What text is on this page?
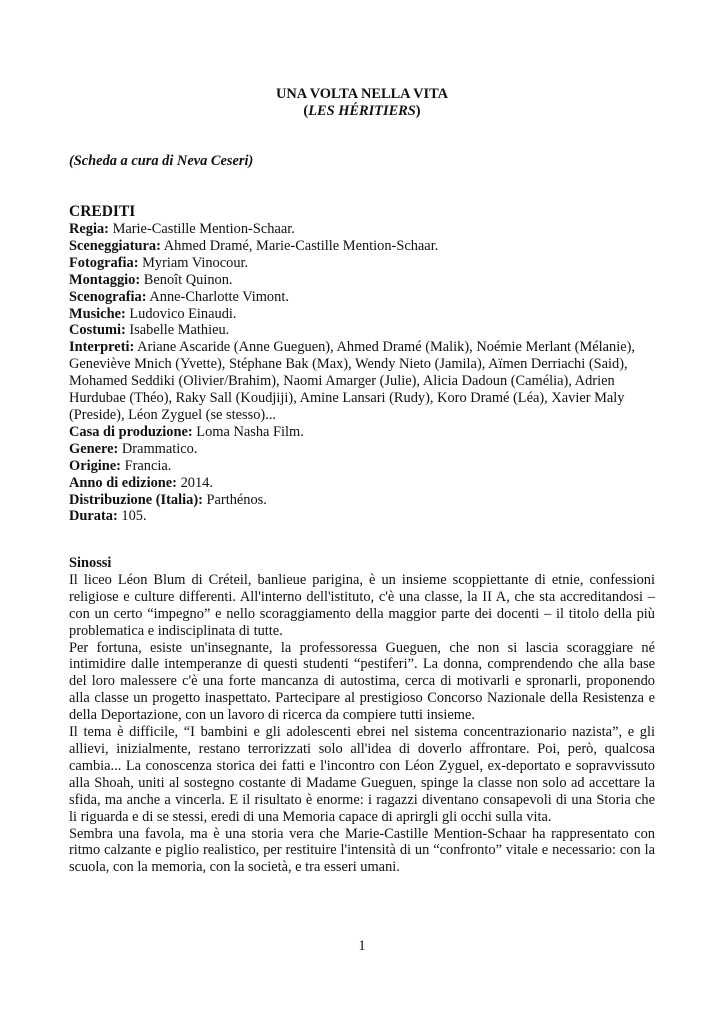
UNA VOLTA NELLA VITA
(LES HÉRITIERS)
(Scheda a cura di Neva Ceseri)
CREDITI
Regia: Marie-Castille Mention-Schaar.
Sceneggiatura: Ahmed Dramé, Marie-Castille Mention-Schaar.
Fotografia: Myriam Vinocour.
Montaggio: Benoît Quinon.
Scenografia: Anne-Charlotte Vimont.
Musiche: Ludovico Einaudi.
Costumi: Isabelle Mathieu.
Interpreti: Ariane Ascaride (Anne Gueguen), Ahmed Dramé (Malik), Noémie Merlant (Mélanie), Geneviève Mnich (Yvette), Stéphane Bak (Max), Wendy Nieto (Jamila), Aïmen Derriachi (Said), Mohamed Seddiki (Olivier/Brahim), Naomi Amarger (Julie), Alicia Dadoun (Camélia), Adrien Hurdubae (Théo), Raky Sall (Koudjiji), Amine Lansari (Rudy), Koro Dramé (Léa), Xavier Maly (Preside), Léon Zyguel (se stesso)...
Casa di produzione: Loma Nasha Film.
Genere: Drammatico.
Origine: Francia.
Anno di edizione: 2014.
Distribuzione (Italia): Parthénos.
Durata: 105.
Sinossi

Il liceo Léon Blum di Créteil, banlieue parigina, è un insieme scoppiettante di etnie, confessioni religiose e culture differenti. All'interno dell'istituto, c'è una classe, la II A, che sta accreditandosi – con un certo “impegno” e nello scoraggiamento della maggior parte dei docenti – il titolo della più problematica e indisciplinata di tutte.

Per fortuna, esiste un'insegnante, la professoressa Gueguen, che non si lascia scoraggiare né intimidire dalle intemperanze di questi studenti “pestiferi”. La donna, comprendendo che alla base del loro malessere c'è una forte mancanza di autostima, cerca di motivarli e spronarli, proponendo alla classe un progetto inaspettato. Partecipare al prestigioso Concorso Nazionale della Resistenza e della Deportazione, con un lavoro di ricerca da compiere tutti insieme.

Il tema è difficile, “I bambini e gli adolescenti ebrei nel sistema concentrazionario nazista”, e gli allievi, inizialmente, restano terrorizzati solo all'idea di doverlo affrontare. Poi, però, qualcosa cambia... La conoscenza storica dei fatti e l'incontro con Léon Zyguel, ex-deportato e sopravvissuto alla Shoah, uniti al sostegno costante di Madame Gueguen, spinge la classe non solo ad accettare la sfida, ma anche a vincerla. E il risultato è enorme: i ragazzi diventano consapevoli di una Storia che li riguarda e di se stessi, eredi di una Memoria capace di aprirgli gli occhi sulla vita.

Sembra una favola, ma è una storia vera che Marie-Castille Mention-Schaar ha rappresentato con ritmo calzante e piglio realistico, per restituire l'intensità di un “confronto” vitale e necessario: con la scuola, con la memoria, con la società, e tra esseri umani.

1
